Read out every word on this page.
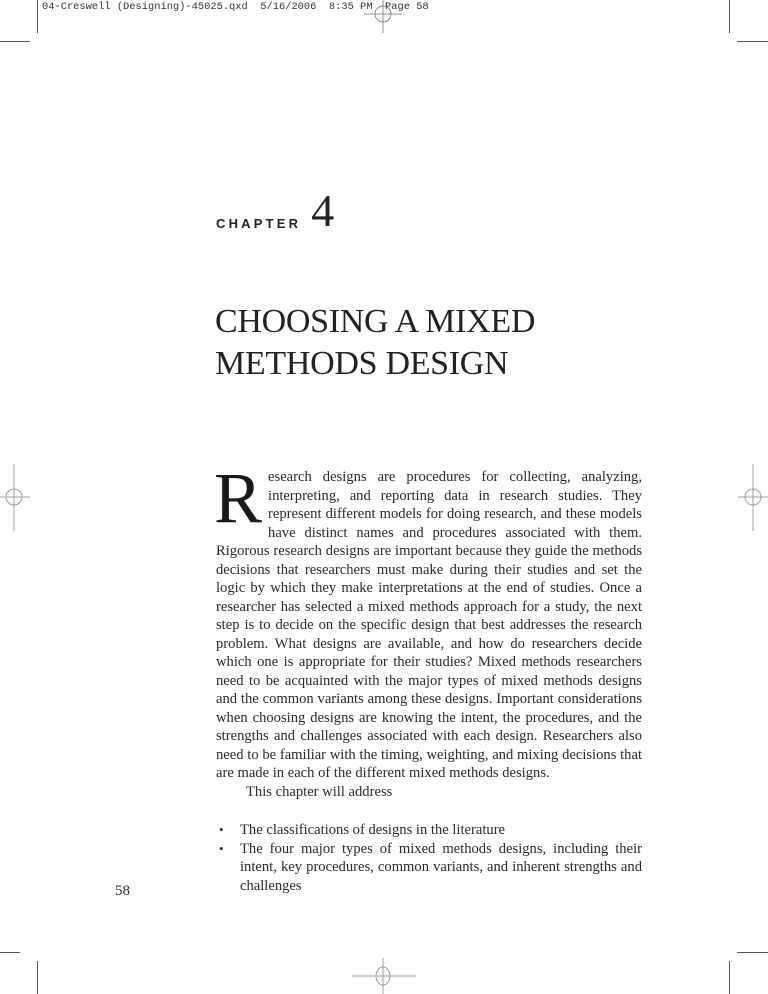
04-Creswell (Designing)-45025.qxd 5/16/2006 8:35 PM Page 58
CHAPTER 4
CHOOSING A MIXED
METHODS DESIGN

Research designs are procedures for collecting, analyzing, interpreting, and reporting data in research studies. They represent different models for doing research, and these models have distinct names and procedures associated with them. Rigorous research designs are important because they guide the methods decisions that researchers must make during their studies and set the logic by which they make interpretations at the end of studies. Once a researcher has selected a mixed methods approach for a study, the next step is to decide on the specific design that best addresses the research problem. What designs are available, and how do researchers decide which one is appropriate for their studies? Mixed methods researchers need to be acquainted with the major types of mixed methods designs and the common variants among these designs. Important considerations when choosing designs are knowing the intent, the procedures, and the strengths and challenges associated with each design. Researchers also need to be familiar with the timing, weighting, and mixing decisions that are made in each of the different mixed methods designs.

This chapter will address

• The classifications of designs in the literature
• The four major types of mixed methods designs, including their intent, key procedures, common variants, and inherent strengths and challenges
58
